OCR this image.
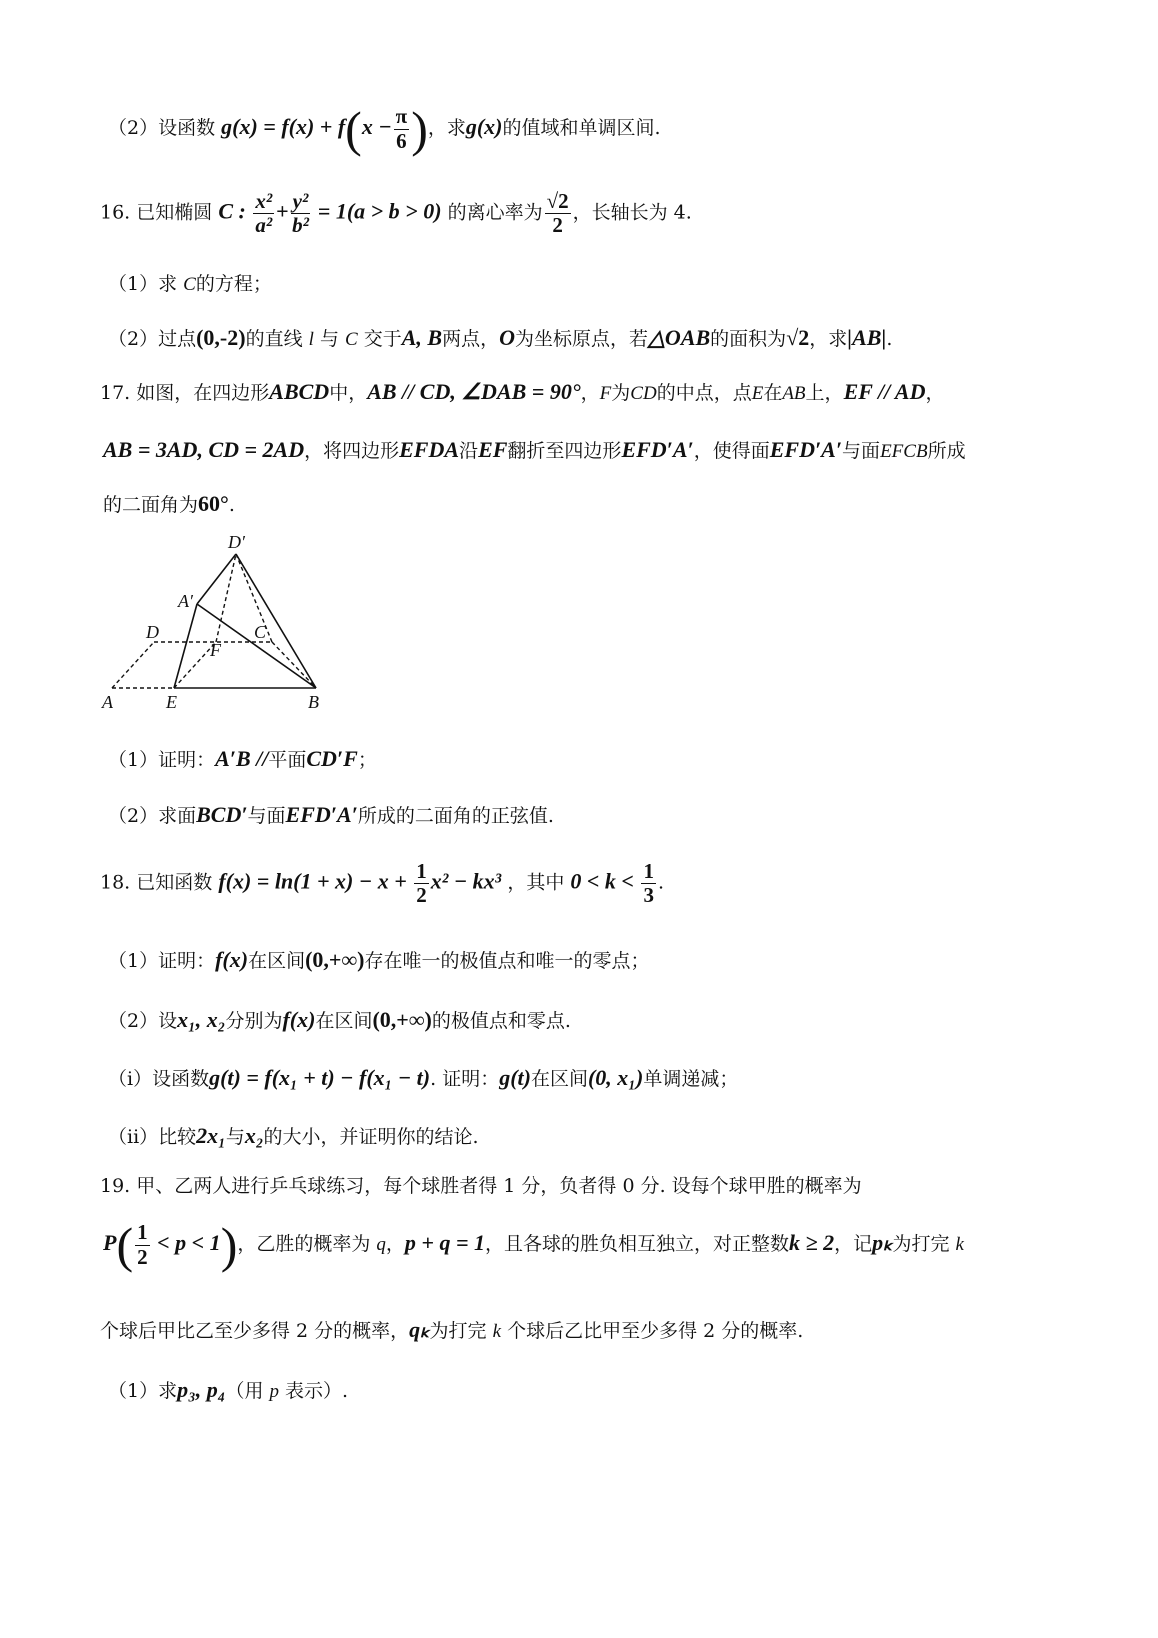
（2）设函数 $g(x) = f(x) + f(x - \frac{\pi}{6}$ )，求g(x)的值域和单调区间.
16. 已知椭圆 C : $\frac{\text{x²}}{\text{a²}} + \frac{\text{y²}}{\text{b²}} = 1(a > b > 0)$ 的离心率为 $\frac{√2}{2}$ ，长轴长为 4.
（1）求 C的方程；
（2）过点(0,-2)的直线 l 与 C 交于A, B两点，O为坐标原点，若△OAB的面积为√2，求|AB|.
17. 如图，在四边形ABCD中，AB // CD, ∠DAB = 90°，F为CD的中点，点E在AB上，EF // AD，
AB = 3AD, CD = 2AD，将四边形EFDA沿EF翻折至四边形EFD′A′，使得面EFD′A′与面EFCB所成
的二面角为60°.
D′
A′
D	C
F
A	E	B
（1）证明：A′B //平面CD′F；
（2）求面BCD′与面EFD′A′所成的二面角的正弦值.
18. 已知函数 $f(x) = \ln(1 + x) - x + \frac{1}{2} x^2 - kx^3$ ，其中 $0 < k < \frac{1}{3}$ .
（1）证明：f(x)在区间(0,+∞)存在唯一的极值点和唯一的零点；
（2）设x₁, x₂分别为f(x)在区间(0,+∞)的极值点和零点.
（i）设函数g(t) = f(x₁ + t) − f(x₁ − t). 证明：g(t)在区间(0, x₁)单调递减；
（ii）比较2x₁与x₂的大小，并证明你的结论.
19. 甲、乙两人进行乒乓球练习，每个球胜者得 1 分，负者得 0 分. 设每个球甲胜的概率为
$P( \frac{1}{2} < p < 1)$，乙胜的概率为 q，p + q = 1，且各球的胜负相互独立，对正整数k ≥ 2，记pₖ为打完 k
个球后甲比乙至少多得 2 分的概率，qₖ为打完 k 个球后乙比甲至少多得 2 分的概率.
（1）求p₃, p₄（用 p 表示）.
